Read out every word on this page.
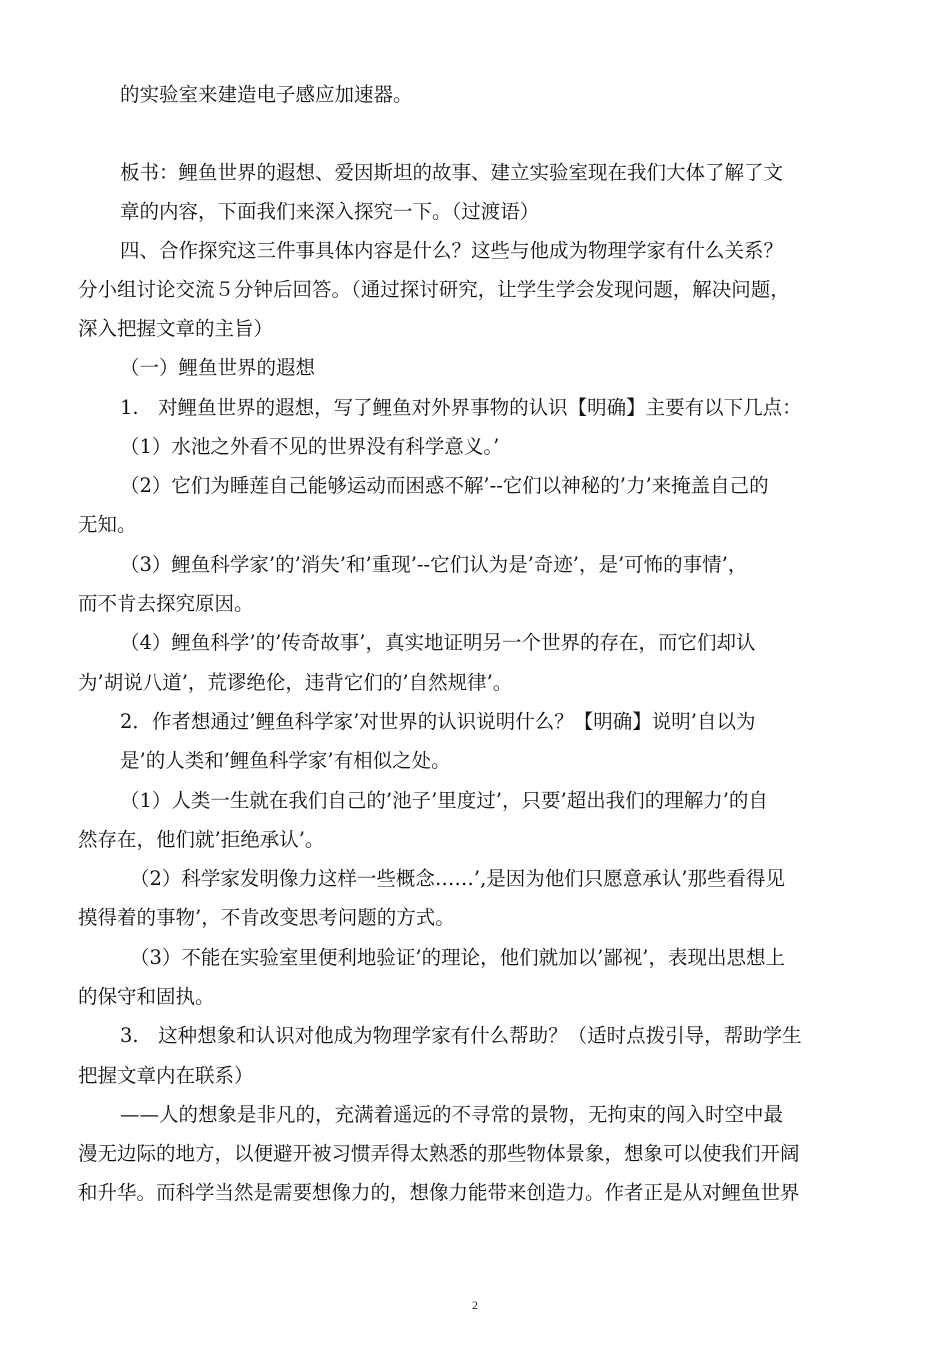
的实验室来建造电子感应加速器。
板书：鲤鱼世界的遐想、爱因斯坦的故事、建立实验室现在我们大体了解了文
章的内容，下面我们来深入探究一下。（过渡语）
四、合作探究这三件事具体内容是什么？这些与他成为物理学家有什么关系？
分小组讨论交流５分钟后回答。（通过探讨研究，让学生学会发现问题，解决问题，
深入把握文章的主旨）
（一）鲤鱼世界的遐想
1.　对鲤鱼世界的遐想，写了鲤鱼对外界事物的认识【明确】主要有以下几点：
（1）水池之外看不见的世界没有科学意义。’
（2）它们为睡莲自己能够运动而困惑不解’--它们以神秘的’力’来掩盖自己的
无知。
（3）鲤鱼科学家’的’消失’和’重现’--它们认为是’奇迹’，是’可怖的事情’，
而不肯去探究原因。
（4）鲤鱼科学’的’传奇故事’，真实地证明另一个世界的存在，而它们却认
为’胡说八道’，荒谬绝伦，违背它们的’自然规律’。
2．作者想通过’鲤鱼科学家’对世界的认识说明什么？【明确】说明’自以为
是’的人类和’鲤鱼科学家’有相似之处。
（1）人类一生就在我们自己的’池子’里度过’，只要’超出我们的理解力’的自
然存在，他们就’拒绝承认’。
（2）科学家发明像力这样一些概念……’,是因为他们只愿意承认’那些看得见
摸得着的事物’，不肯改变思考问题的方式。
（3）不能在实验室里便利地验证’的理论，他们就加以’鄙视’，表现出思想上
的保守和固执。
3.　这种想象和认识对他成为物理学家有什么帮助？（适时点拨引导，帮助学生
把握文章内在联系）
——人的想象是非凡的，充满着遥远的不寻常的景物，无拘束的闯入时空中最
漫无边际的地方，以便避开被习惯弄得太熟悉的那些物体景象，想象可以使我们开阔
和升华。而科学当然是需要想像力的，想像力能带来创造力。作者正是从对鲤鱼世界
2
